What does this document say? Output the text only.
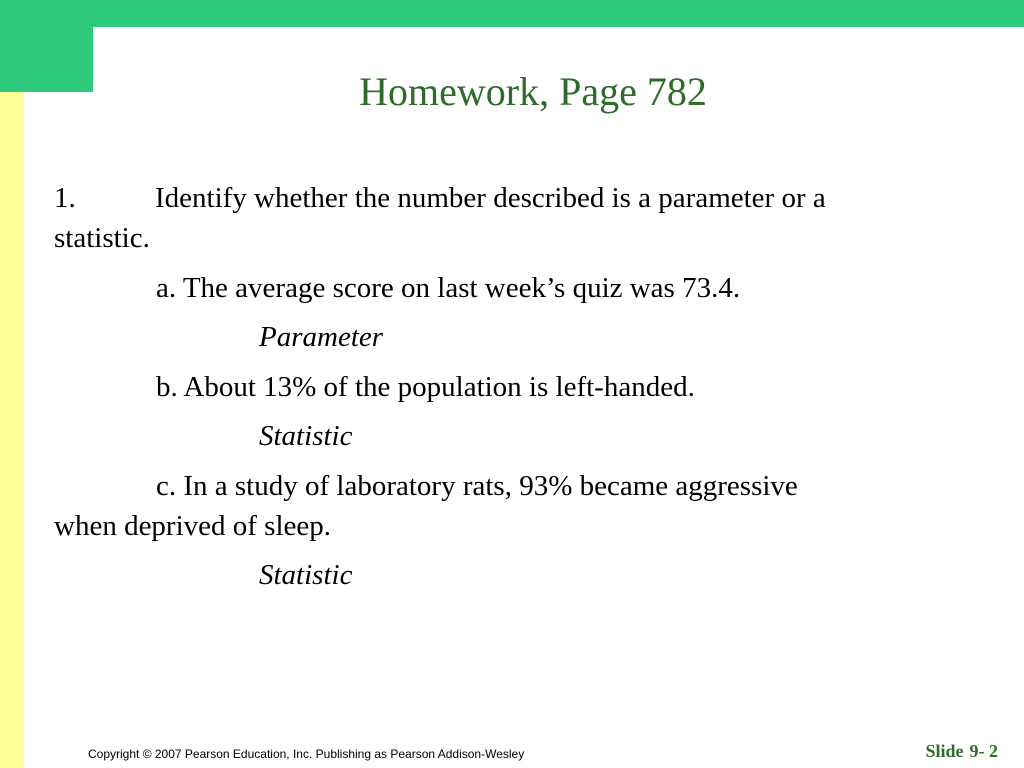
Homework, Page 782
1.	Identify whether the number described is a parameter or a
statistic.
a. The average score on last week’s quiz was 73.4.
Parameter
b. About 13% of the population is left-handed.
Statistic
c. In a study of laboratory rats, 93% became aggressive
when deprived of sleep.
Statistic
Copyright © 2007 Pearson Education, Inc. Publishing as Pearson Addison-Wesley	Slide 9- 2
